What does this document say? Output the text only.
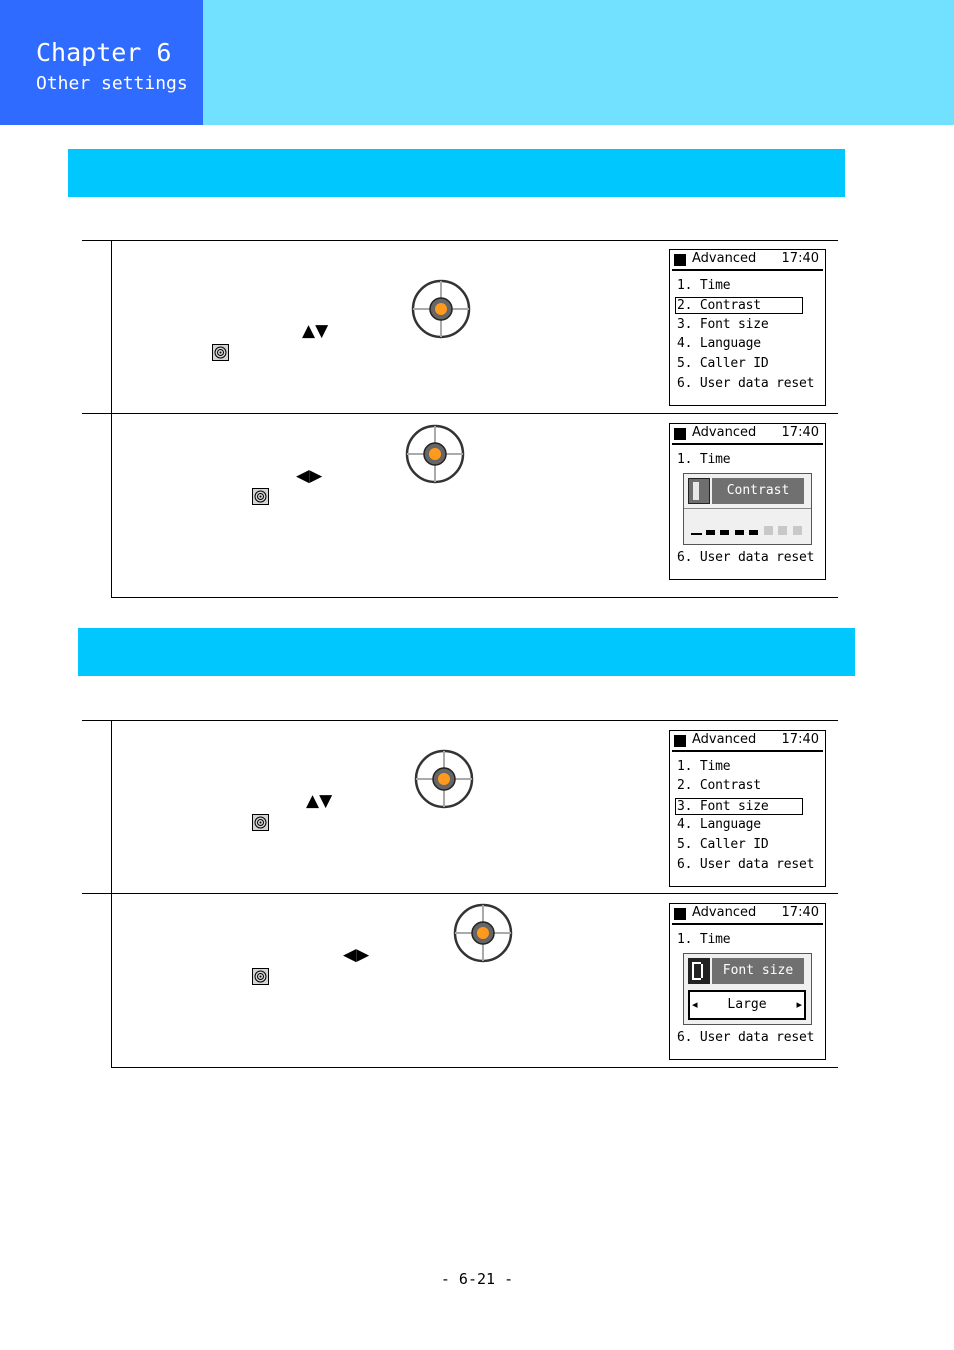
Chapter 6
Other settings
▲▼
◀▶
▲▼
◀▶
Advanced 17:40
1. Time
2. Contrast
3. Font size
4. Language
5. Caller ID
6. User data reset
Advanced 17:40
1. Time
6. User data reset
Contrast
Advanced 17:40
1. Time
2. Contrast
3. Font size
4. Language
5. Caller ID
6. User data reset
Advanced 17:40
1. Time
6. User data reset
Font size
◂ Large	▸
- 6-21 -
